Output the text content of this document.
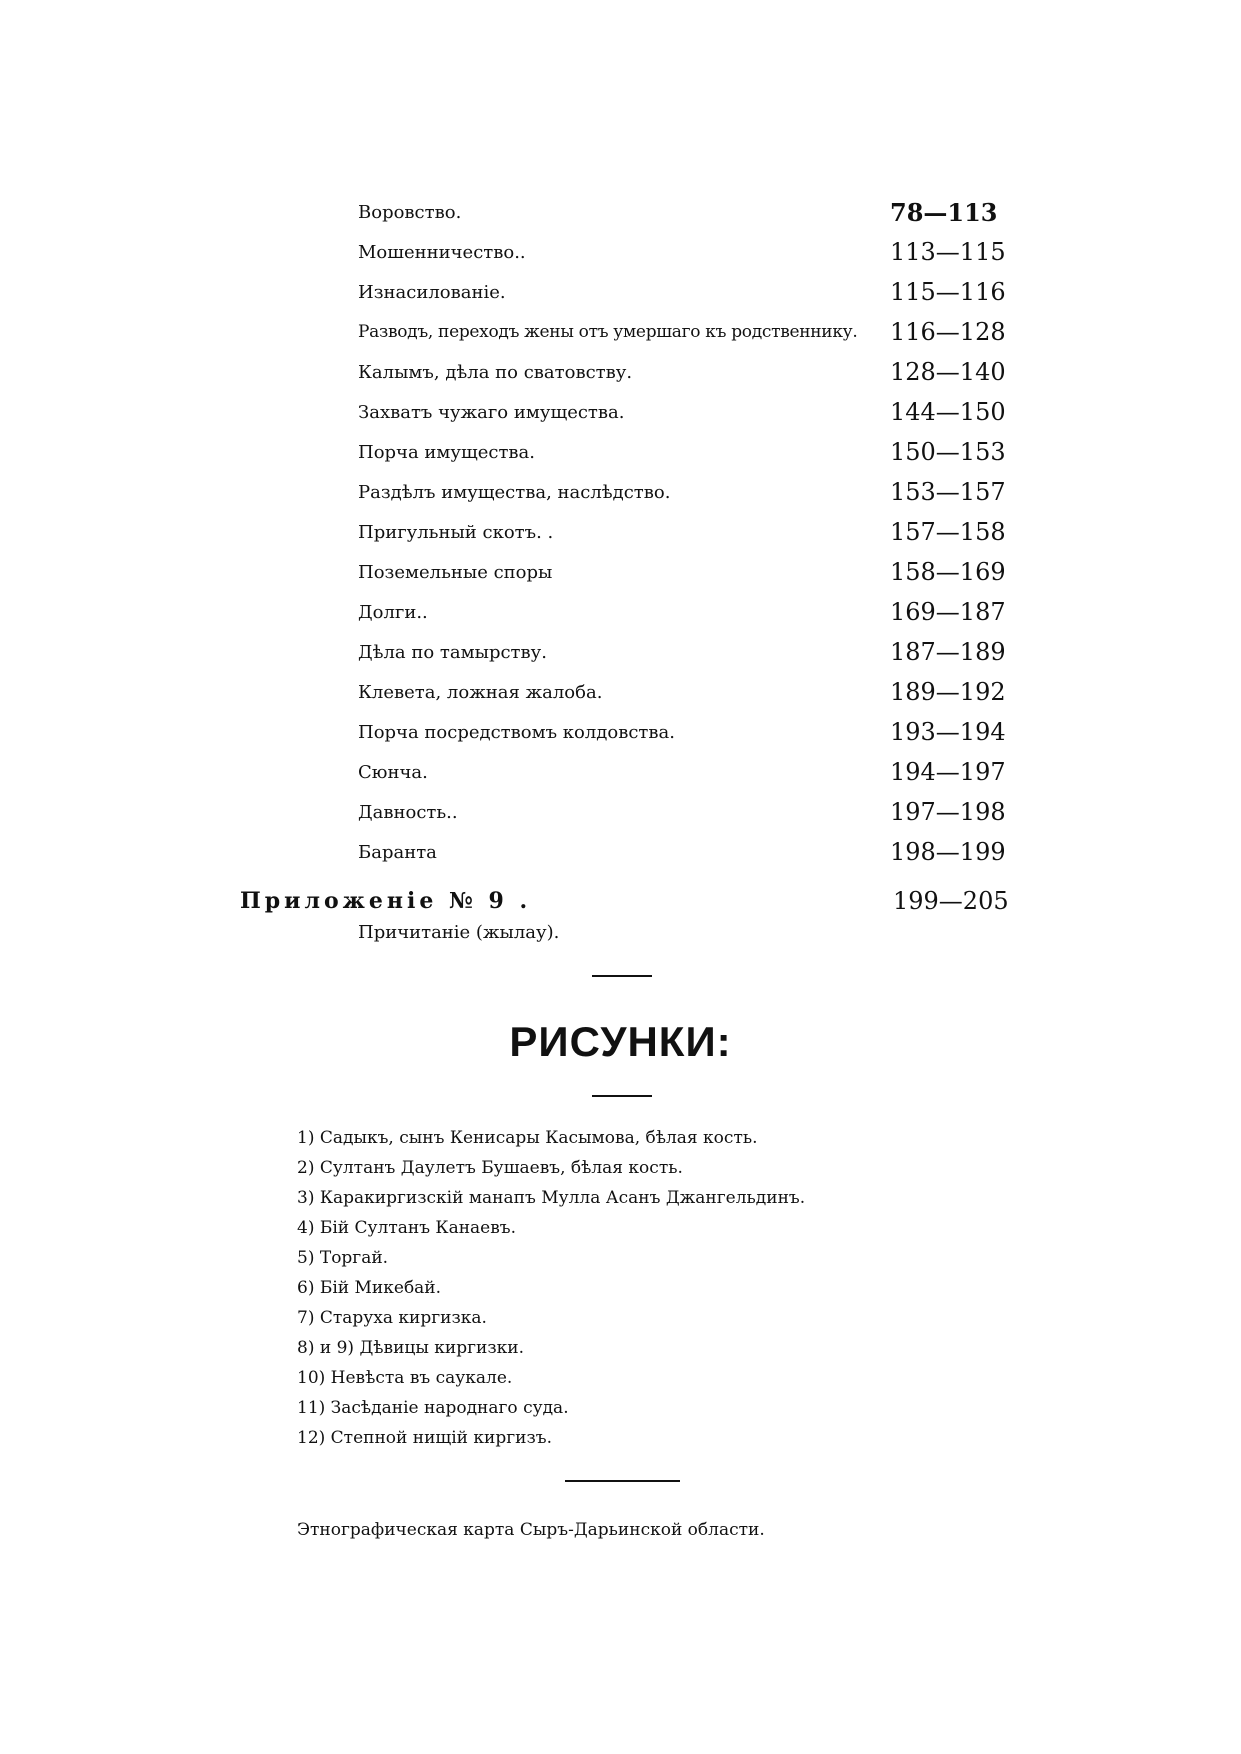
Воровство.	78—113
Мошенничество..	113—115
Изнасилованіе.	115—116
Разводъ, переходъ жены отъ умершаго къ родственнику. 116—128
Калымъ, дѣла по сватовству.	128—140
Захватъ чужаго имущества.	144—150
Порча имущества.	150—153
Раздѣлъ имущества, наслѣдство.	153—157
Пригульный скотъ. .	157—158
Поземельные споры	158—169
Долги..	169—187
Дѣла по тамырству.	187—189
Клевета, ложная жалоба.	189—192
Порча посредствомъ колдовства.	193—194
Сюнча.	194—197
Давность..	197—198
Баранта	198—199
Приложеніе № 9 .	199—205
Причитаніе (жылау).
РИСУНКИ:
1) Садыкъ, сынъ Кенисары Касымова, бѣлая кость.
2) Султанъ Даулетъ Бушаевъ, бѣлая кость.
3) Каракиргизскій манапъ Мулла Асанъ Джангельдинъ.
4) Бій Султанъ Канаевъ.
5) Торгай.
6) Бій Микебай.
7) Старуха киргизка.
8) и 9) Дѣвицы киргизки.
10) Невѣста въ саукале.
11) Засѣданіе народнаго суда.
12) Степной нищій киргизъ.
Этнографическая карта Сыръ-Дарьинской области.
